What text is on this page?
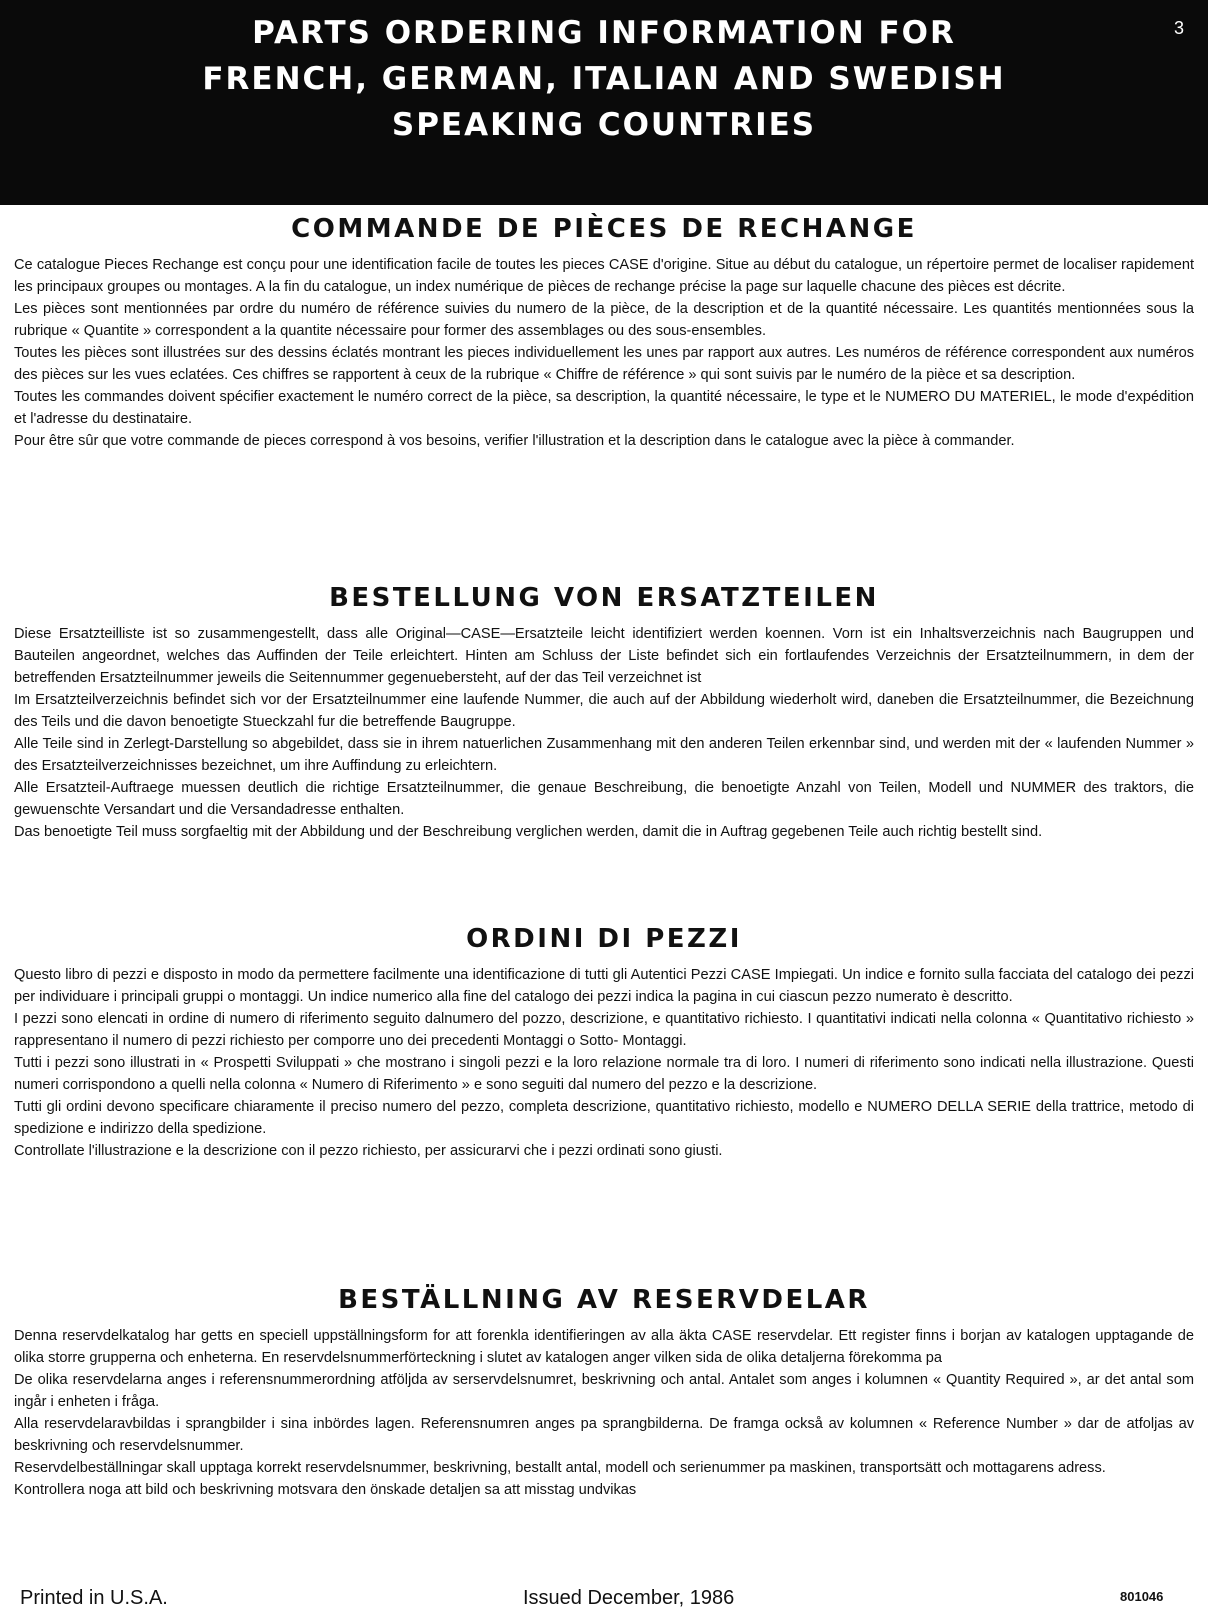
PARTS ORDERING INFORMATION FOR
FRENCH, GERMAN, ITALIAN AND SWEDISH
SPEAKING COUNTRIES
3
COMMANDE DE PIÈCES DE RECHANGE

Ce catalogue Pieces Rechange est conçu pour une identification facile de toutes les pieces CASE d'origine. Situe au début du catalogue, un répertoire permet de localiser rapidement les principaux groupes ou montages. A la fin du catalogue, un index numérique de pièces de rechange précise la page sur laquelle chacune des pièces est décrite.

Les pièces sont mentionnées par ordre du numéro de référence suivies du numero de la pièce, de la description et de la quantité nécessaire. Les quantités mentionnées sous la rubrique « Quantite » correspondent a la quantite nécessaire pour former des assemblages ou des sous-ensembles.

Toutes les pièces sont illustrées sur des dessins éclatés montrant les pieces individuellement les unes par rapport aux autres. Les numéros de référence correspondent aux numéros des pièces sur les vues eclatées. Ces chiffres se rapportent à ceux de la rubrique « Chiffre de référence » qui sont suivis par le numéro de la pièce et sa description.

Toutes les commandes doivent spécifier exactement le numéro correct de la pièce, sa description, la quantité nécessaire, le type et le NUMERO DU MATERIEL, le mode d'expédition et l'adresse du destinataire.

Pour être sûr que votre commande de pieces correspond à vos besoins, verifier l'illustration et la description dans le catalogue avec la pièce à commander.

BESTELLUNG VON ERSATZTEILEN

Diese Ersatzteilliste ist so zusammengestellt, dass alle Original—CASE—Ersatzteile leicht identifiziert werden koennen. Vorn ist ein Inhaltsverzeichnis nach Baugruppen und Bauteilen angeordnet, welches das Auffinden der Teile erleichtert. Hinten am Schluss der Liste befindet sich ein fortlaufendes Verzeichnis der Ersatzteilnummern, in dem der betreffenden Ersatzteilnummer jeweils die Seitennummer gegenuebersteht, auf der das Teil verzeichnet ist

Im Ersatzteilverzeichnis befindet sich vor der Ersatzteilnummer eine laufende Nummer, die auch auf der Abbildung wiederholt wird, daneben die Ersatzteilnummer, die Bezeichnung des Teils und die davon benoetigte Stueckzahl fur die betreffende Baugruppe.

Alle Teile sind in Zerlegt-Darstellung so abgebildet, dass sie in ihrem natuerlichen Zusammenhang mit den anderen Teilen erkennbar sind, und werden mit der « laufenden Nummer » des Ersatzteilverzeichnisses bezeichnet, um ihre Auffindung zu erleichtern.

Alle Ersatzteil-Auftraege muessen deutlich die richtige Ersatzteilnummer, die genaue Beschreibung, die benoetigte Anzahl von Teilen, Modell und NUMMER des traktors, die gewuenschte Versandart und die Versandadresse enthalten.

Das benoetigte Teil muss sorgfaeltig mit der Abbildung und der Beschreibung verglichen werden, damit die in Auftrag gegebenen Teile auch richtig bestellt sind.

ORDINI DI PEZZI

Questo libro di pezzi e disposto in modo da permettere facilmente una identificazione di tutti gli Autentici Pezzi CASE Impiegati. Un indice e fornito sulla facciata del catalogo dei pezzi per individuare i principali gruppi o montaggi. Un indice numerico alla fine del catalogo dei pezzi indica la pagina in cui ciascun pezzo numerato è descritto.

I pezzi sono elencati in ordine di numero di riferimento seguito dalnumero del pozzo, descrizione, e quantitativo richiesto. I quantitativi indicati nella colonna « Quantitativo richiesto » rappresentano il numero di pezzi richiesto per comporre uno dei precedenti Montaggi o Sotto- Montaggi.

Tutti i pezzi sono illustrati in « Prospetti Sviluppati » che mostrano i singoli pezzi e la loro relazione normale tra di loro. I numeri di riferimento sono indicati nella illustrazione. Questi numeri corrispondono a quelli nella colonna « Numero di Riferimento » e sono seguiti dal numero del pezzo e la descrizione.

Tutti gli ordini devono specificare chiaramente il preciso numero del pezzo, completa descrizione, quantitativo richiesto, modello e NUMERO DELLA SERIE della trattrice, metodo di spedizione e indirizzo della spedizione.

Controllate l'illustrazione e la descrizione con il pezzo richiesto, per assicurarvi che i pezzi ordinati sono giusti.

BESTÄLLNING AV RESERVDELAR

Denna reservdelkatalog har getts en speciell uppställningsform for att forenkla identifieringen av alla äkta CASE reservdelar. Ett register finns i borjan av katalogen upptagande de olika storre grupperna och enheterna. En reservdelsnummerförteckning i slutet av katalogen anger vilken sida de olika detaljerna förekomma pa

De olika reservdelarna anges i referensnummerordning atföljda av serservdelsnumret, beskrivning och antal. Antalet som anges i kolumnen « Quantity Required », ar det antal som ingår i enheten i fråga.

Alla reservdelaravbildas i sprangbilder i sina inbördes lagen. Referensnumren anges pa sprangbilderna. De framga också av kolumnen « Reference Number » dar de atfoljas av beskrivning och reservdelsnummer.

Reservdelbeställningar skall upptaga korrekt reservdelsnummer, beskrivning, bestallt antal, modell och serienummer pa maskinen, transportsätt och mottagarens adress.

Kontrollera noga att bild och beskrivning motsvara den önskade detaljen sa att misstag undvikas

Printed in U.S.A.	Issued December, 1986	801046
